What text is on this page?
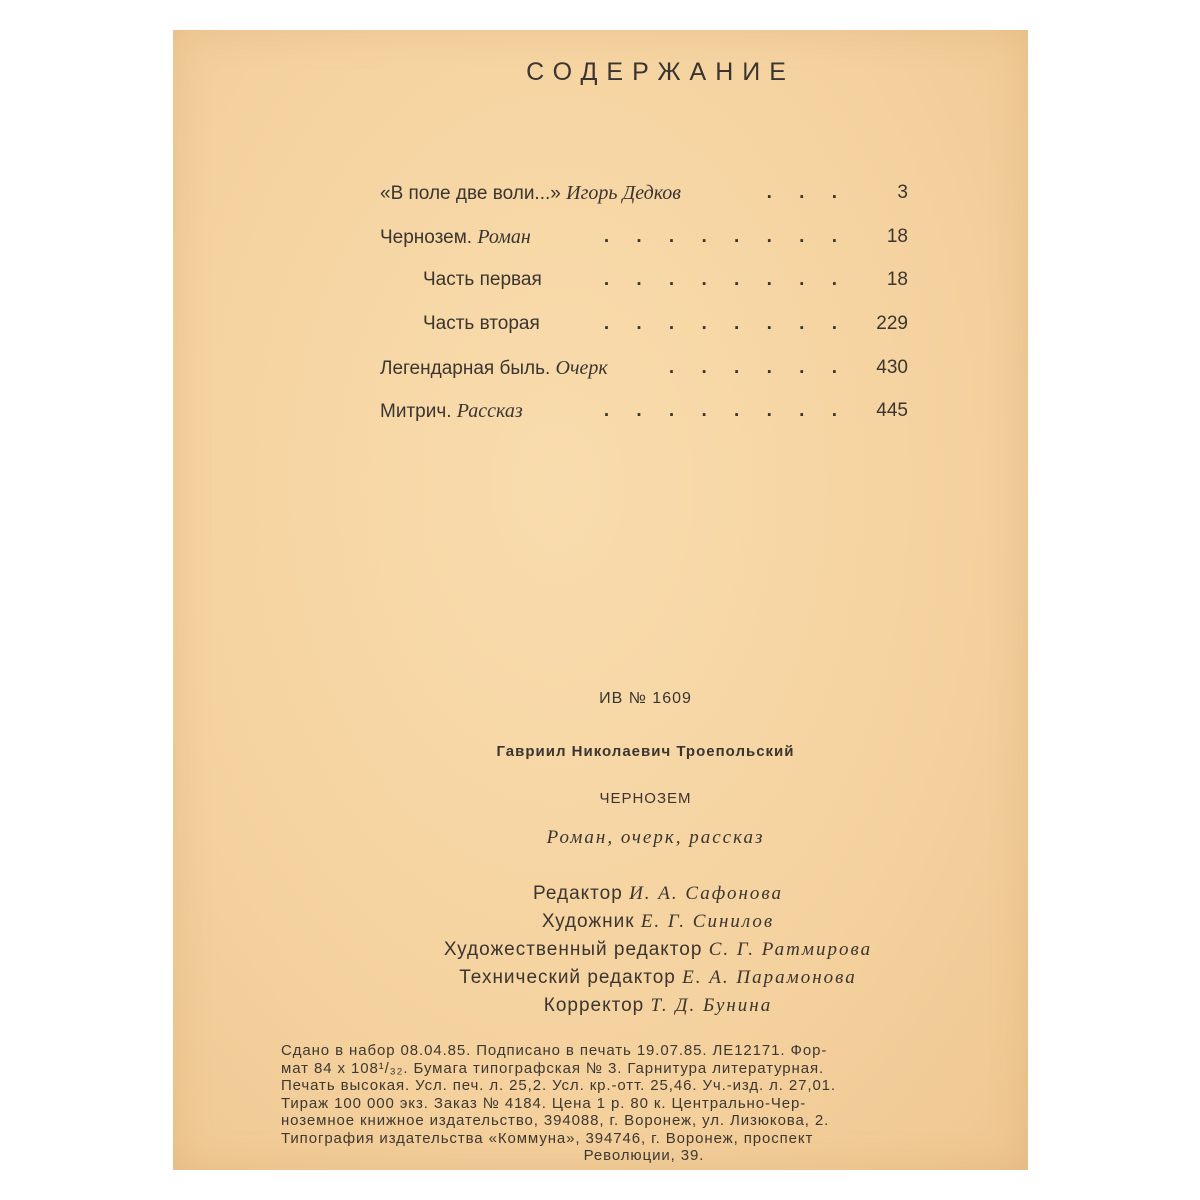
СОДЕРЖАНИЕ
«В поле две воли...» Игорь Дедков	. . .	3
Чернозем. Роман	. . . . . . . . 18
Часть первая	. . . . . . . . 18
Часть вторая	. . . . . . . . 229
Легендарная быль. Очерк	. . . . . . 430
Митрич. Рассказ	. . . . . . . . 445
ИВ № 1609
Гавриил Николаевич Троепольский
ЧЕРНОЗЕМ
Роман, очерк, рассказ
Редактор И. А. Сафонова
Художник Е. Г. Синилов
Художественный редактор С. Г. Ратмирова
Технический редактор Е. А. Парамонова
Корректор Т. Д. Бунина
Сдано в набор 08.04.85. Подписано в печать 19.07.85. ЛЕ12171. Фор-
мат 84 x 108¹/₃₂. Бумага типографская № 3. Гарнитура литературная.
Печать высокая. Усл. печ. л. 25,2. Усл. кр.-отт. 25,46. Уч.-изд. л. 27,01.
Тираж 100 000 экз. Заказ № 4184. Цена 1 р. 80 к. Центрально-Чер-
ноземное книжное издательство, 394088, г. Воронеж, ул. Лизюкова, 2.
Типография издательства «Коммуна», 394746, г. Воронеж, проспект
Революции, 39.
